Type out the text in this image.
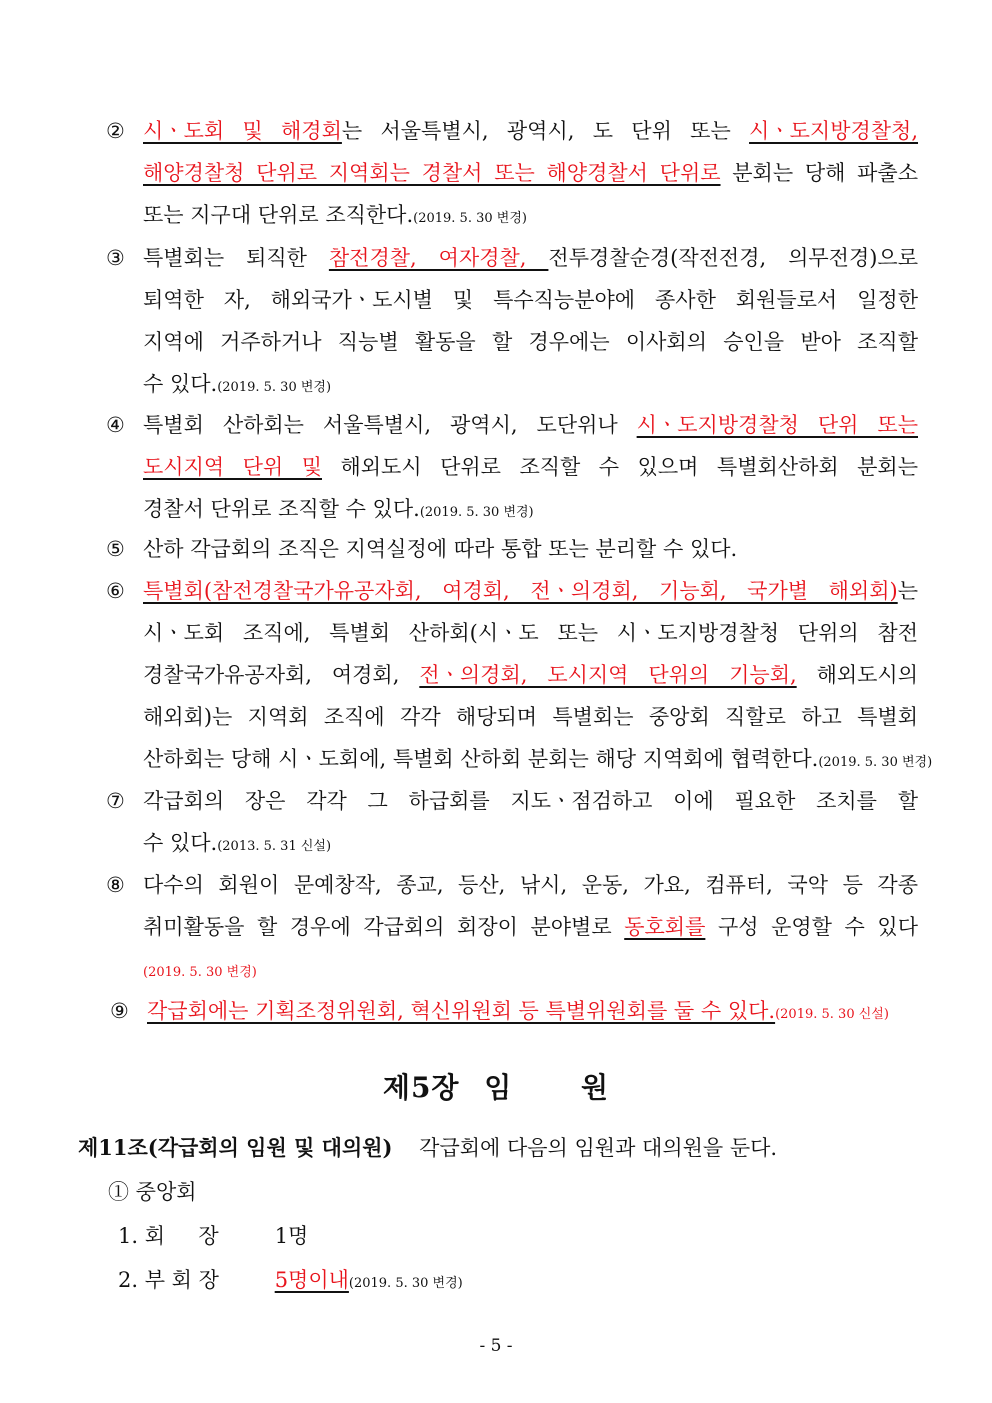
② 시ㆍ도회 및 해경회는 서울특별시, 광역시, 도 단위 또는 시ㆍ도지방경찰청,
해양경찰청 단위로 지역회는 경찰서 또는 해양경찰서 단위로 분회는 당해 파출소
또는 지구대 단위로 조직한다.(2019. 5. 30 변경)
③ 특별회는 퇴직한 참전경찰, 여자경찰, 전투경찰순경(작전전경, 의무전경)으로
퇴역한 자, 해외국가ㆍ도시별 및 특수직능분야에 종사한 회원들로서 일정한
지역에 거주하거나 직능별 활동을 할 경우에는 이사회의 승인을 받아 조직할
수 있다.(2019. 5. 30 변경)
④ 특별회 산하회는 서울특별시, 광역시, 도단위나 시ㆍ도지방경찰청 단위 또는
도시지역 단위 및 해외도시 단위로 조직할 수 있으며 특별회산하회 분회는
경찰서 단위로 조직할 수 있다.(2019. 5. 30 변경)
⑤ 산하 각급회의 조직은 지역실정에 따라 통합 또는 분리할 수 있다.
⑥ 특별회(참전경찰국가유공자회, 여경회, 전ㆍ의경회, 기능회, 국가별 해외회)는
시ㆍ도회 조직에, 특별회 산하회(시ㆍ도 또는 시ㆍ도지방경찰청 단위의 참전
경찰국가유공자회, 여경회, 전ㆍ의경회, 도시지역 단위의 기능회, 해외도시의
해외회)는 지역회 조직에 각각 해당되며 특별회는 중앙회 직할로 하고 특별회
산하회는 당해 시ㆍ도회에, 특별회 산하회 분회는 해당 지역회에 협력한다.(2019. 5. 30 변경)
⑦ 각급회의 장은 각각 그 하급회를 지도ㆍ점검하고 이에 필요한 조치를 할
수 있다.(2013. 5. 31 신설)
⑧ 다수의 회원이 문예창작, 종교, 등산, 낚시, 운동, 가요, 컴퓨터, 국악 등 각종
취미활동을 할 경우에 각급회의 회장이 분야별로 동호회를 구성 운영할 수 있다
(2019. 5. 30 변경)
⑨ 각급회에는 기획조정위원회, 혁신위원회 등 특별위원회를 둘 수 있다.(2019. 5. 30 신설)
제5장 임 원
제11조(각급회의 임원 및 대의원) 각급회에 다음의 임원과 대의원을 둔다.
① 중앙회
1. 회     장	1명
2. 부 회 장	5명이내(2019. 5. 30 변경)
- 5 -
